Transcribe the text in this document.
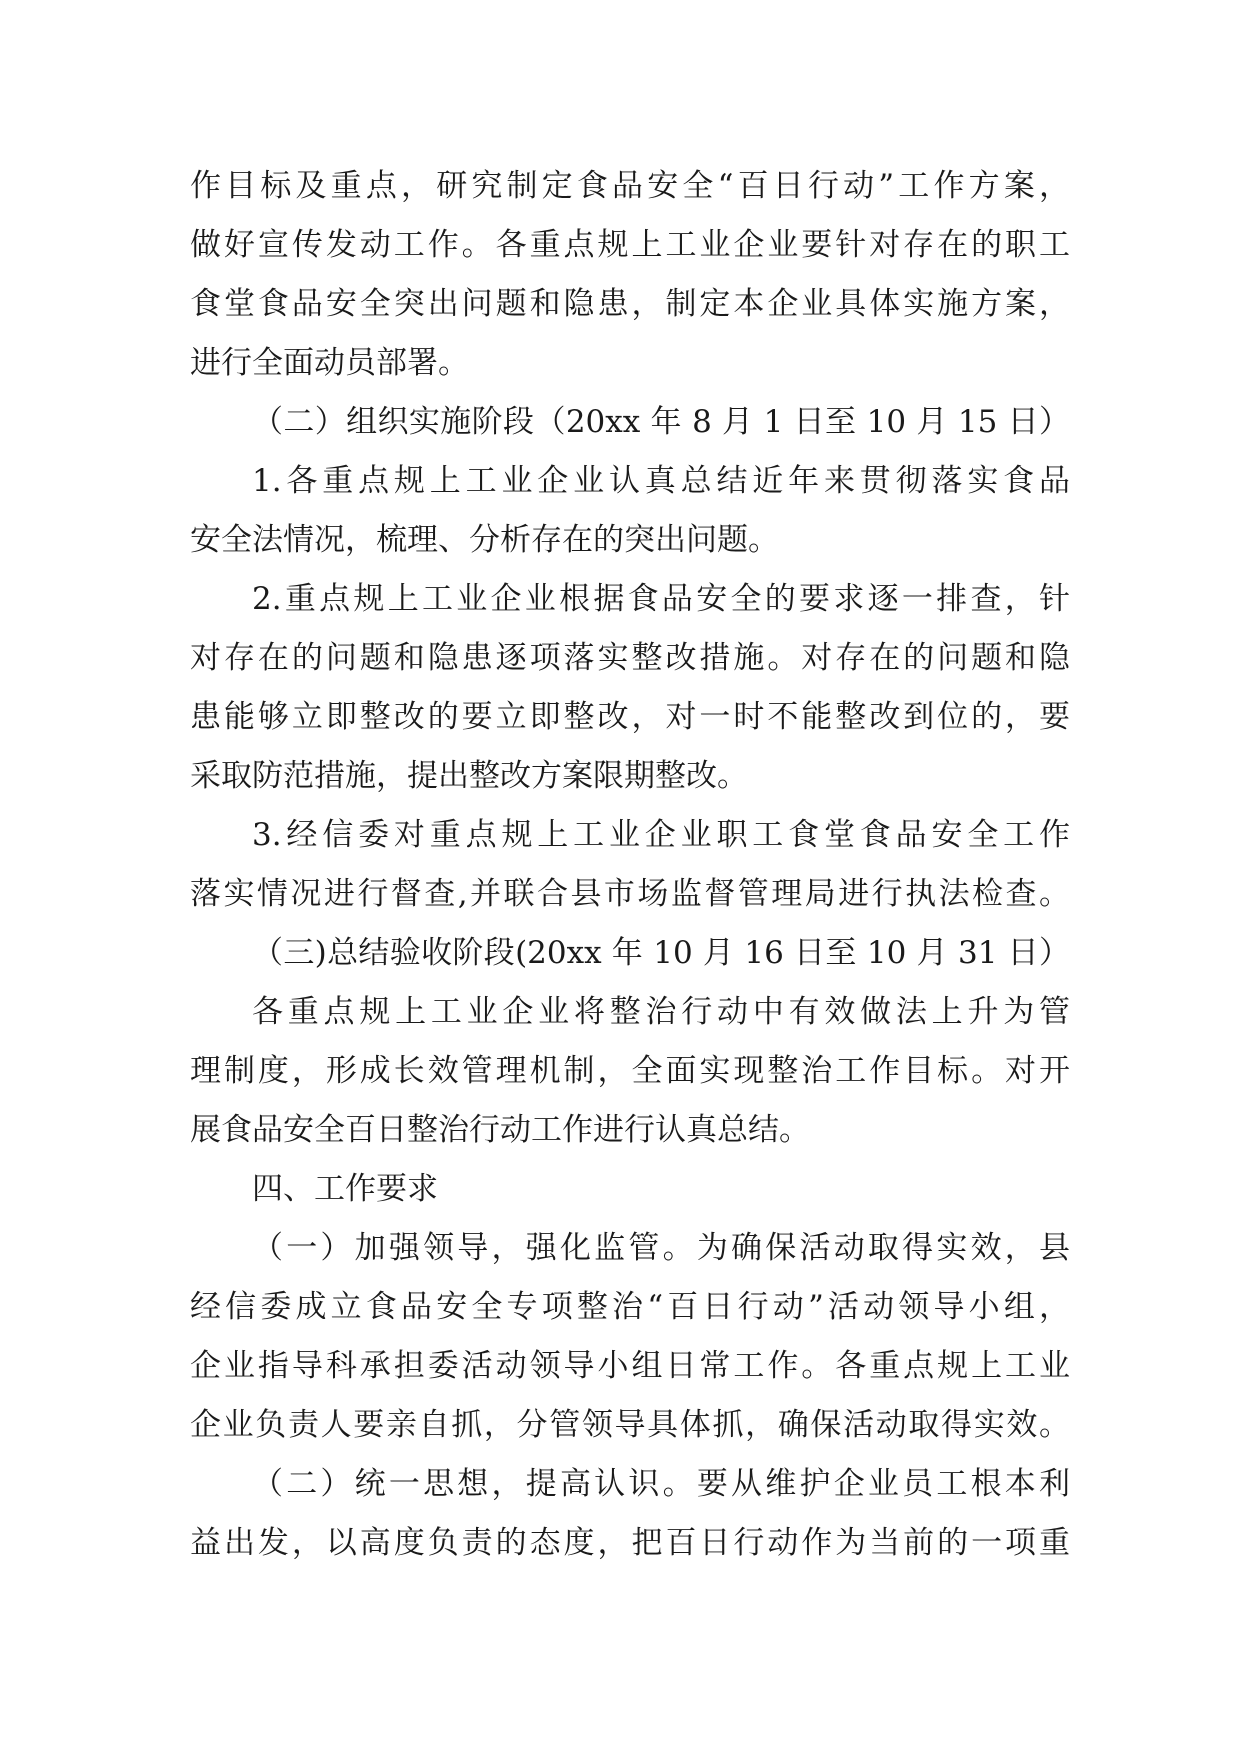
作目标及重点，研究制定食品安全“百日行动”工作方案，
做好宣传发动工作。各重点规上工业企业要针对存在的职工
食堂食品安全突出问题和隐患，制定本企业具体实施方案，
进行全面动员部署。
（二）组织实施阶段（20xx 年 8 月 1 日至 10 月 15 日）
1.各重点规上工业企业认真总结近年来贯彻落实食品
安全法情况，梳理、分析存在的突出问题。
2.重点规上工业企业根据食品安全的要求逐一排查，针
对存在的问题和隐患逐项落实整改措施。对存在的问题和隐
患能够立即整改的要立即整改，对一时不能整改到位的，要
采取防范措施，提出整改方案限期整改。
3.经信委对重点规上工业企业职工食堂食品安全工作
落实情况进行督查,并联合县市场监督管理局进行执法检查。
（三)总结验收阶段(20xx 年 10 月 16 日至 10 月 31 日）
各重点规上工业企业将整治行动中有效做法上升为管
理制度，形成长效管理机制，全面实现整治工作目标。对开
展食品安全百日整治行动工作进行认真总结。
四、工作要求
（一）加强领导，强化监管。为确保活动取得实效，县
经信委成立食品安全专项整治“百日行动”活动领导小组，
企业指导科承担委活动领导小组日常工作。各重点规上工业
企业负责人要亲自抓，分管领导具体抓，确保活动取得实效。
（二）统一思想，提高认识。要从维护企业员工根本利
益出发，以高度负责的态度，把百日行动作为当前的一项重
